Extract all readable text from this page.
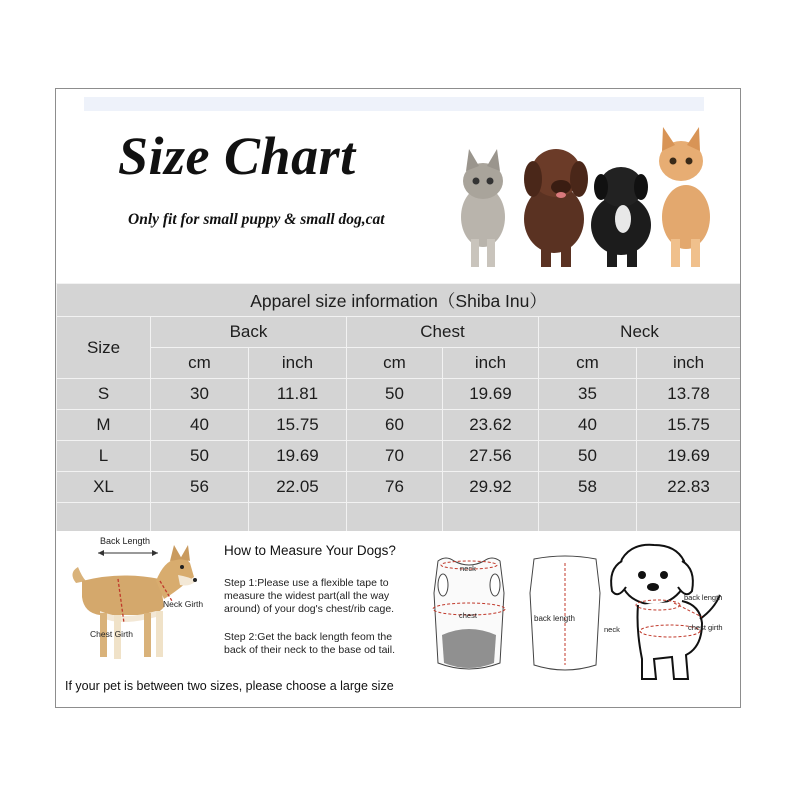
Size Chart
Only fit for small puppy & small dog,cat
Apparel size information（Shiba Inu）						
Size	Back		Chest		Neck	
	cm	inch	cm	inch	cm	inch
S	30	11.81	50	19.69	35	13.78
M	40	15.75	60	23.62	40	15.75
L	50	19.69	70	27.56	50	19.69
XL	56	22.05	76	29.92	58	22.83

Back Length
Neck Girth
Chest Girth
How to Measure Your Dogs?
Step 1:Please use a flexible tape to measure the widest part(all the way around) of your dog's chest/rib cage.
Step 2:Get the back length feom the back of their neck to the base od tail.
neck
chest	back length
back length
neck	chest girth
If your pet is between two sizes, please choose a large size
